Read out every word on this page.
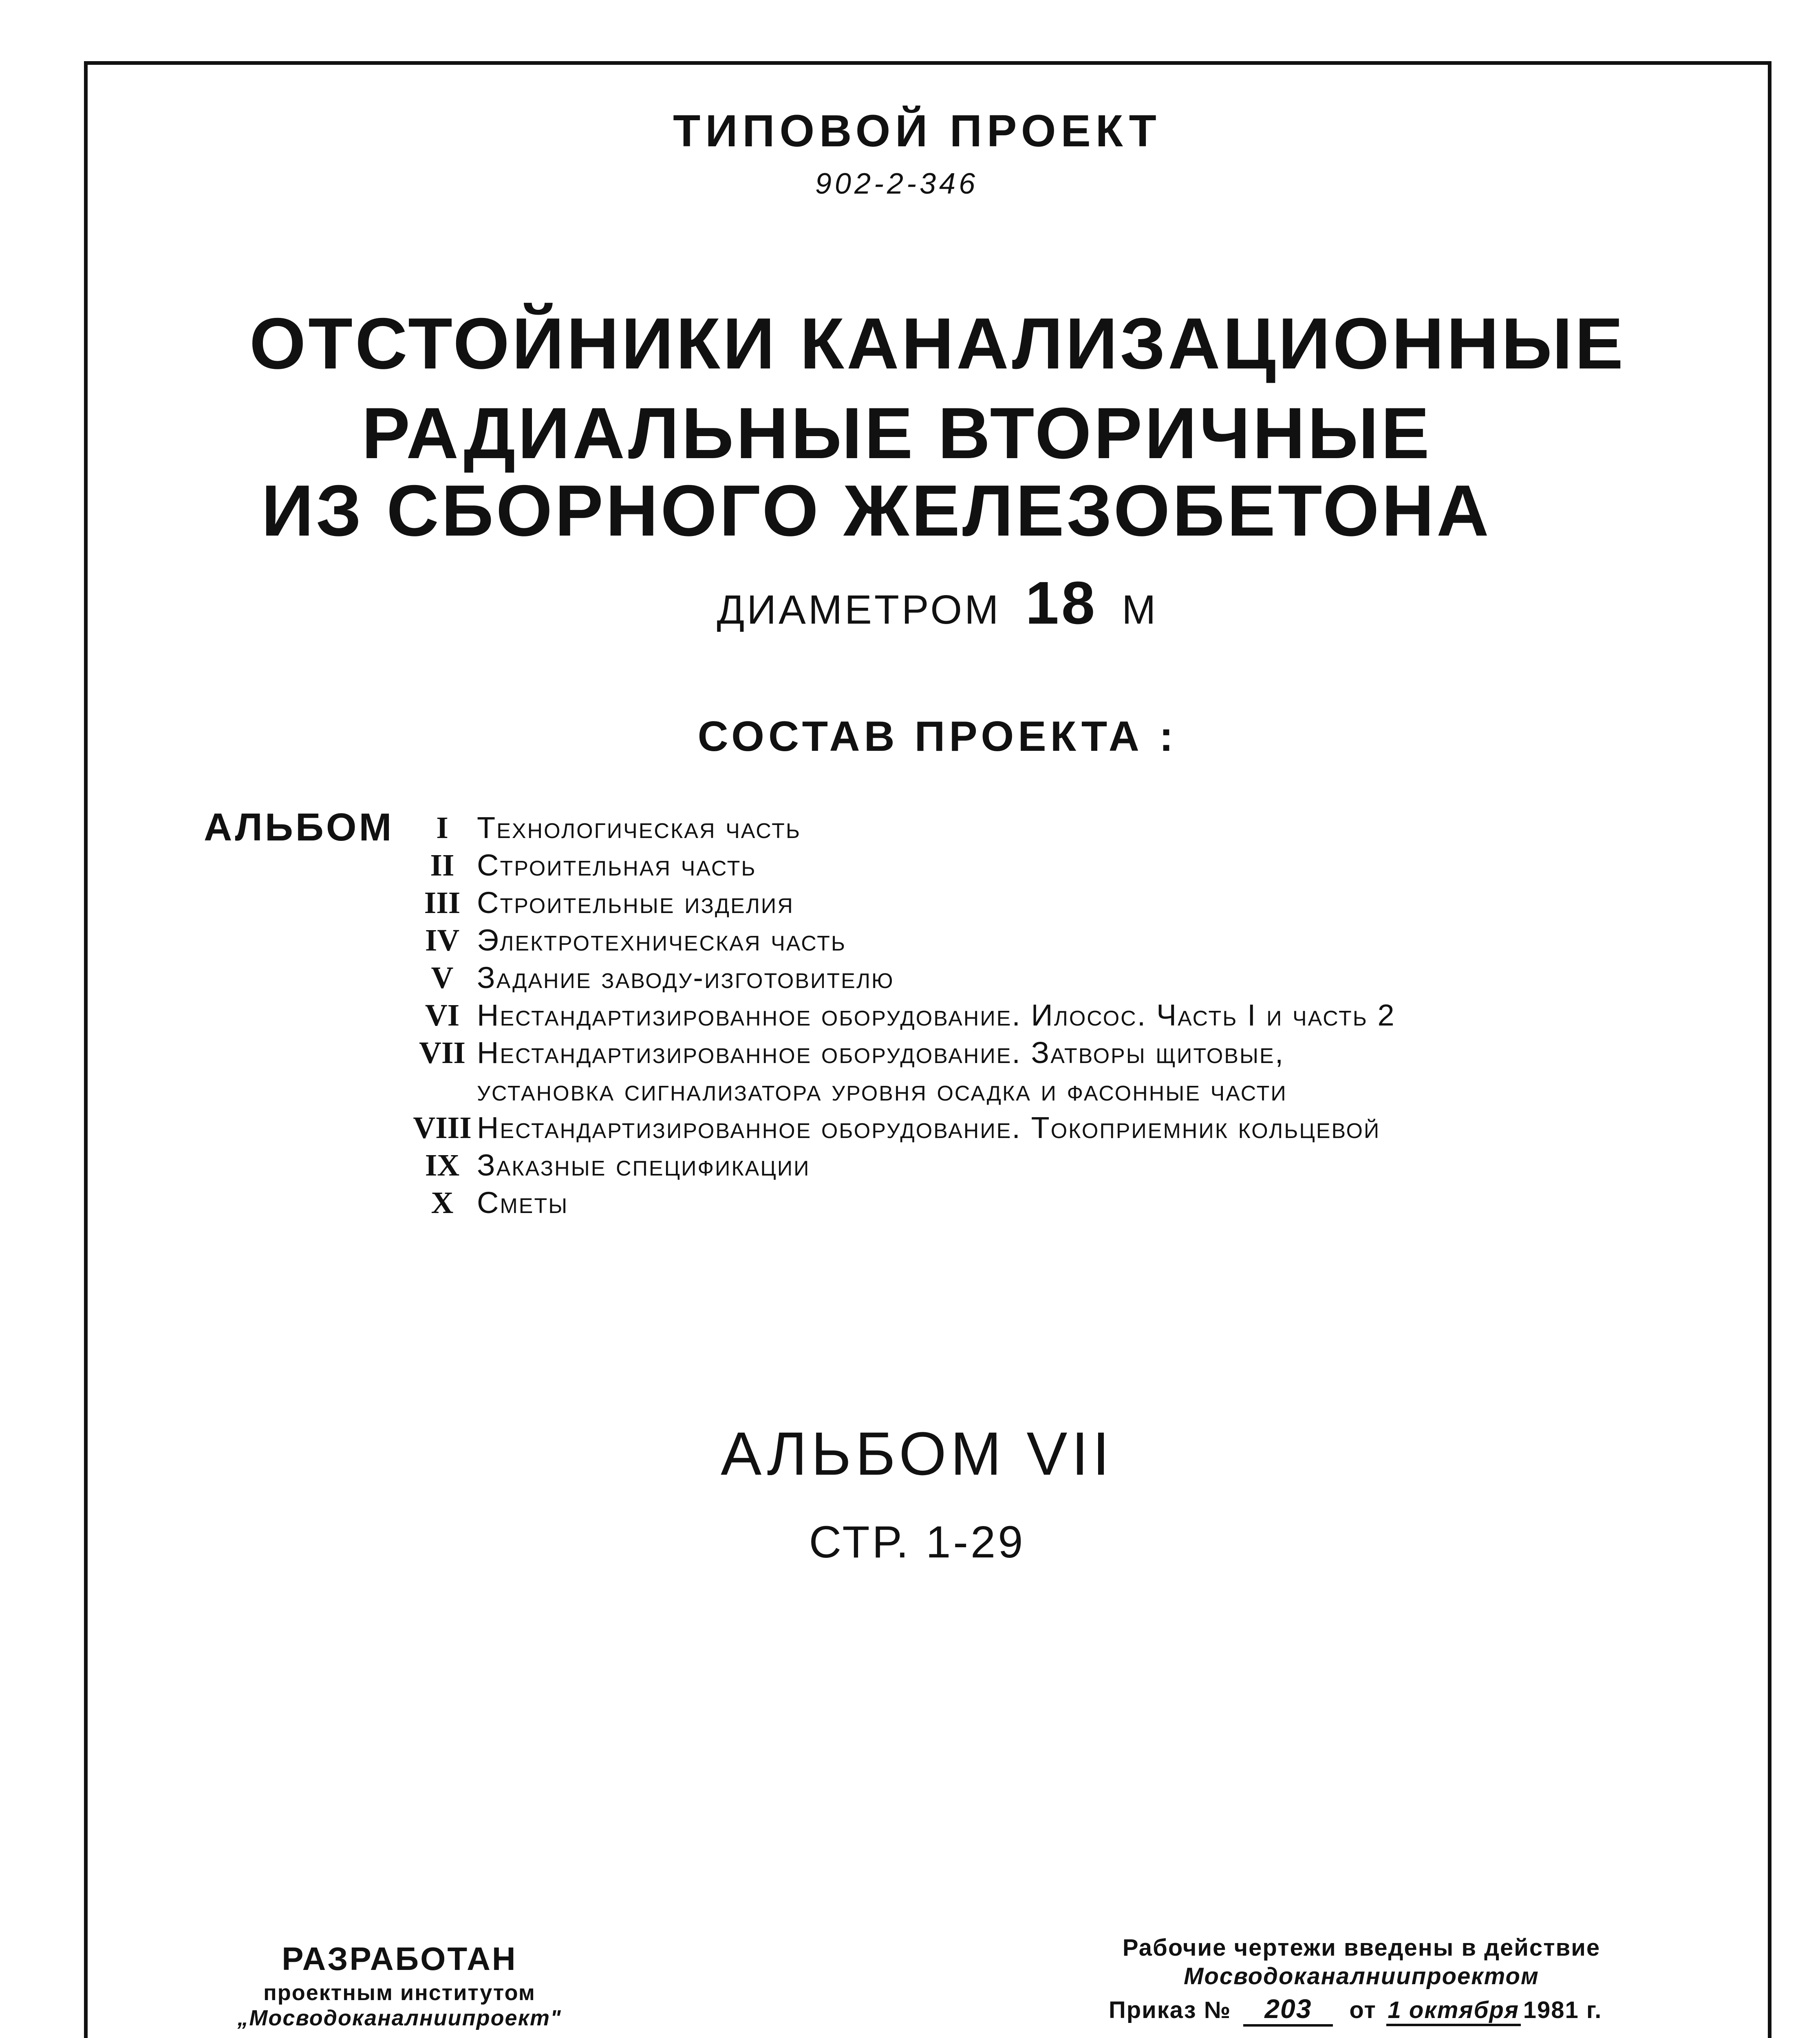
ТИПОВОЙ ПРОЕКТ
902-2-346
ОТСТОЙНИКИ КАНАЛИЗАЦИОННЫЕ
РАДИАЛЬНЫЕ ВТОРИЧНЫЕ
ИЗ СБОРНОГО ЖЕЛЕЗОБЕТОНА
ДИАМЕТРОМ 18 М
СОСТАВ ПРОЕКТА :
АЛЬБОМ	I Технологическая часть
II Строительная часть
III Строительные изделия
IV Электротехническая часть
V Задание заводу-изготовителю
VI Нестандартизированное оборудование. Илосос. Часть I и часть 2
VII Нестандартизированное оборудование. Затворы щитовые,
установка сигнализатора уровня осадка и фасонные части
VIII Нестандартизированное оборудование. Токоприемник кольцевой
IX Заказные спецификации
X Сметы
АЛЬБОМ VII
СТР. 1-29
РАЗРАБОТАН
проектным институтом
„Мосводоканалниипроект"
Рабочие чертежи введены в действие
Мосводоканалниипроектом
Приказ № 203 от 1 октября 1981 г.
